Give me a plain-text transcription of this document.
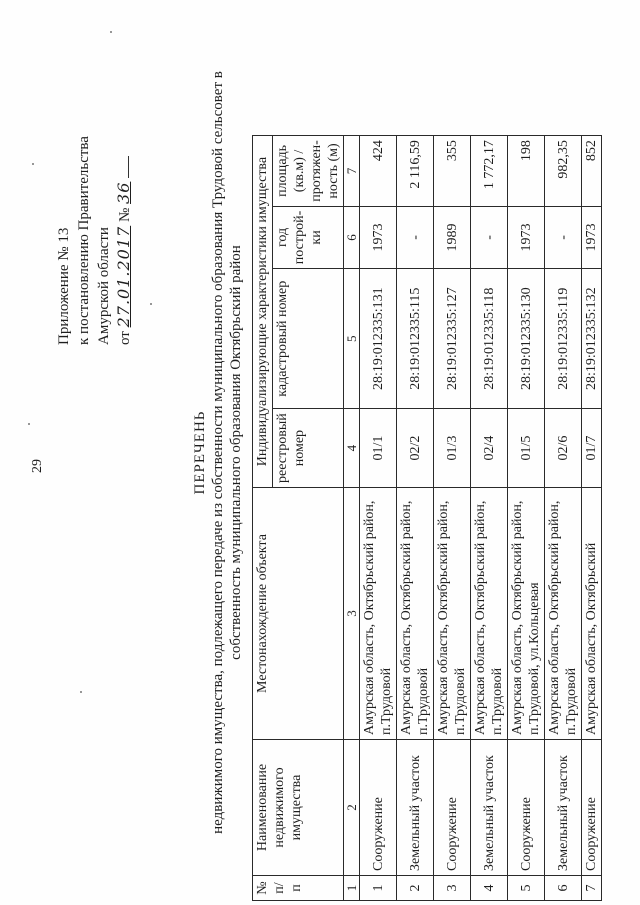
29
Приложение № 13 к постановлению Правительства Амурской области от 27.01.2017 № 36
ПЕРЕЧЕНЬ недвижимого имущества, подлежащего передаче из собственности муниципального образования Трудовой сельсовет в собственность муниципального образования Октябрьский район
№ п/п	Наименование недвижимого имущества	Местонахождение объекта	Индивидуализирующие характеристики имущества			
			реестровый номер	кадастровый номер	год построй-ки	площадь (кв.м) / протяжен-ность (м)
1	2	3	4	5	6	7
1	Сооружение	Амурская область, Октябрьский район, п.Трудовой	01/1	28:19:012335:131	1973	424
2	Земельный участок	Амурская область, Октябрьский район, п.Трудовой	02/2	28:19:012335:115	-	2 116,59
3	Сооружение	Амурская область, Октябрьский район, п.Трудовой	01/3	28:19:012335:127	1989	355
4	Земельный участок	Амурская область, Октябрьский район, п.Трудовой	02/4	28:19:012335:118	-	1 772,17
5	Сооружение	Амурская область, Октябрьский район, п.Трудовой, ул.Кольцевая	01/5	28:19:012335:130	1973	198
6	Земельный участок	Амурская область, Октябрьский район, п.Трудовой	02/6	28:19:012335:119	-	982,35
7	Сооружение	Амурская область, Октябрьский	01/7	28:19:012335:132	1973	852
